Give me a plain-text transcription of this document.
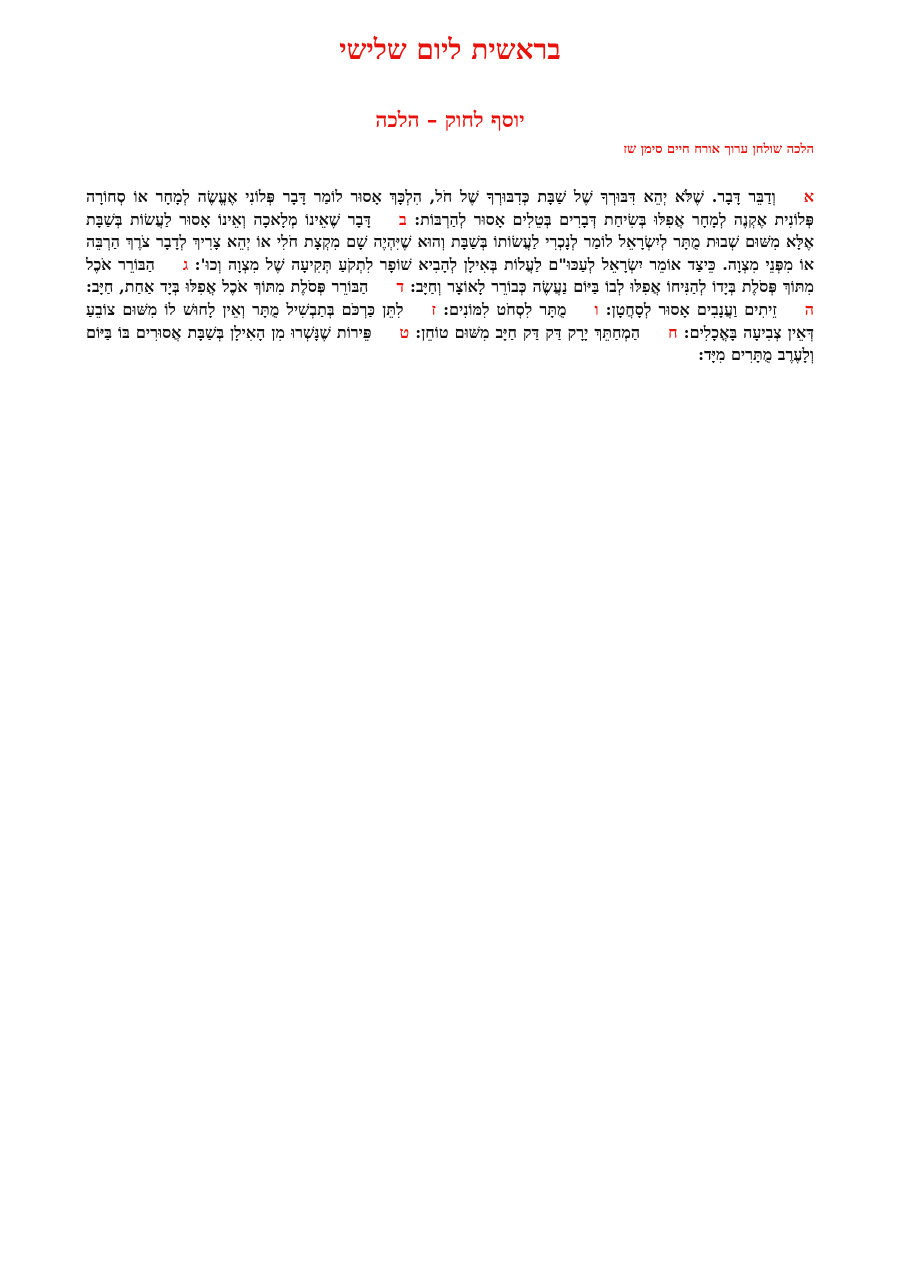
בראשית ליום שלישי
יוסף לחוק – הלכה
הלכה שולחן ערוך אורח חיים סימן שז
אוְדַבֵּר דָּבָר. שֶׁלֹּא יְהֵא דִּבּוּרְךָ שֶׁל שַׁבָּת כְּדִבּוּרְךָ שֶׁל חֹל, הִלְכָּךְ אָסוּר לוֹמַר דָּבָר פְּלוֹנִי אֶעֱשֶׂה לְמָחָר אוֹ סְחוֹרָה פְּלוֹנִית אֶקְנֶה לְמָחָר אֲפִלּוּ בְּשִׂיחַת דְּבָרִים בְּטֵלִים אָסוּר לְהַרְבּוֹת: בדָּבָר שֶׁאֵינוֹ מְלָאכָה וְאֵינוֹ אָסוּר לַעֲשׂוֹת בְּשַׁבָּת אֶלָּא מִשּׁוּם שְׁבוּת מֻתָּר לְיִשְׂרָאֵל לוֹמַר לְנָכְרִי לַעֲשׂוֹתוֹ בְּשַׁבָּת וְהוּא שֶׁיִּהְיֶה שָׁם מִקְצָת חֹלִי אוֹ יְהֵא צָרִיךְ לְדָבָר צֹרֶךְ הַרְבֵּה אוֹ מִפְּנֵי מִצְוָה. כֵּיצַד אוֹמֵר יִשְׂרָאֵל לְעַכּוּ"ם לַעֲלוֹת בְּאִילָן לְהָבִיא שׁוֹפָר לִתְקֹעַ תְּקִיעָה שֶׁל מִצְוָה וְכוּ': גהַבּוֹרֵר אֹכֶל מִתּוֹךְ פְּסֹלֶת בְּיָדוֹ לְהַנִּיחוֹ אֲפִלּוּ לְבוֹ בַּיּוֹם נַעֲשֶׂה כְּבוֹרֵר לָאוֹצָר וְחַיָּב: דהַבּוֹרֵר פְּסֹלֶת מִתּוֹךְ אֹכֶל אֲפִלּוּ בְּיָד אַחַת, חַיָּב: הזֵיתִים וַעֲנָבִים אָסוּר לְסָחֲטָן: ומֻתָּר לִסְחֹט לִמּוֹנִים: זלִתֵּן כַּרְכֹּם בְּתַבְשִׁיל מֻתָּר וְאֵין לָחוּשׁ לוֹ מִשּׁוּם צוֹבֵעַ דְּאֵין צְבִיעָה בָּאֳכָלִים: חהַמְחַתֵּךְ יָרָק דַּק דַּק חַיָּב מִשּׁוּם טוֹחֵן: טפֵּירוֹת שֶׁנָּשְׁרוּ מִן הָאִילָן בְּשַׁבָּת אֲסוּרִים בּוֹ בַּיּוֹם וְלָעֶרֶב מֻתָּרִים מִיָּד:
